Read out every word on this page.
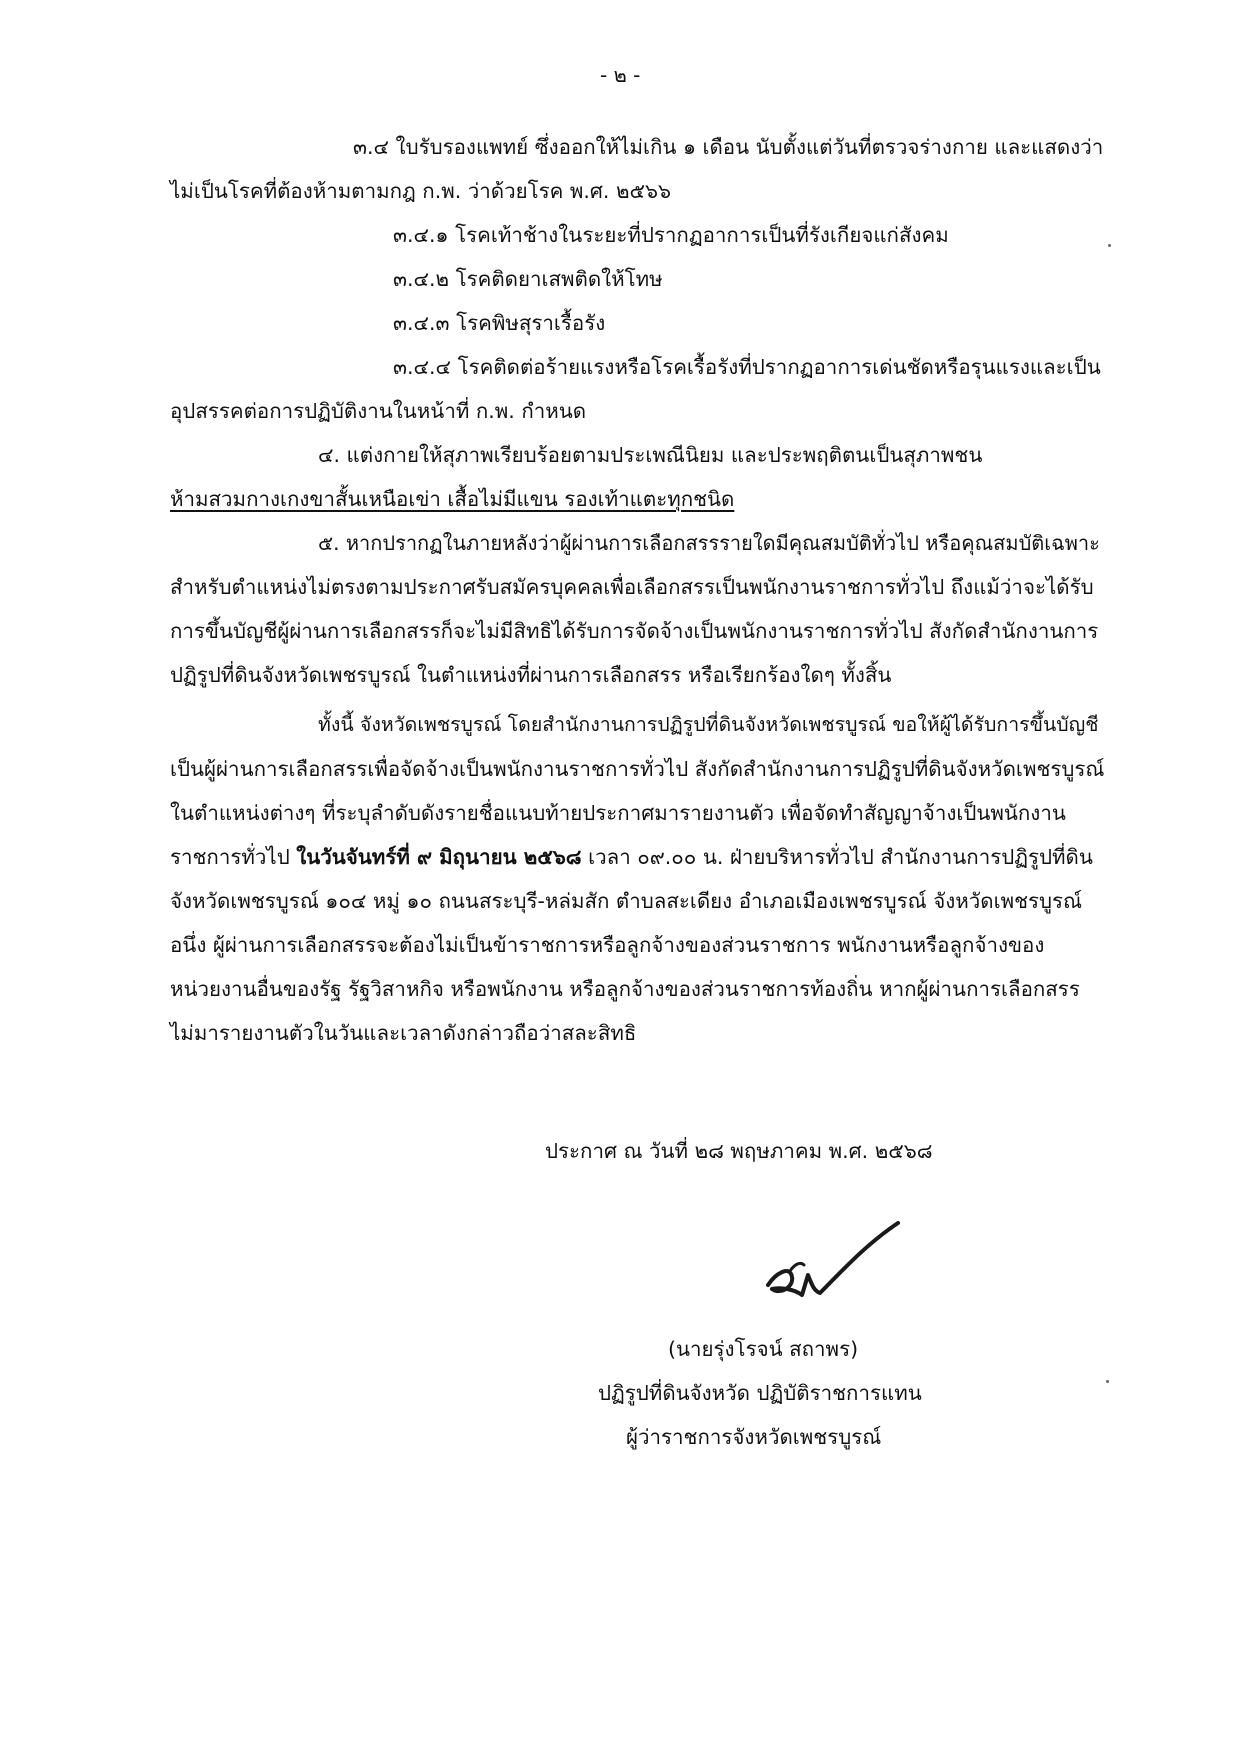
- ๒ -
๓.๔ ใบรับรองแพทย์ ซึ่งออกให้ไม่เกิน ๑ เดือน นับตั้งแต่วันที่ตรวจร่างกาย และแสดงว่า
ไม่เป็นโรคที่ต้องห้ามตามกฎ ก.พ. ว่าด้วยโรค พ.ศ. ๒๕๖๖
๓.๔.๑ โรคเท้าช้างในระยะที่ปรากฏอาการเป็นที่รังเกียจแก่สังคม
๓.๔.๒ โรคติดยาเสพติดให้โทษ
๓.๔.๓ โรคพิษสุราเรื้อรัง
๓.๔.๔ โรคติดต่อร้ายแรงหรือโรคเรื้อรังที่ปรากฏอาการเด่นชัดหรือรุนแรงและเป็น
อุปสรรคต่อการปฏิบัติงานในหน้าที่ ก.พ. กำหนด
๔. แต่งกายให้สุภาพเรียบร้อยตามประเพณีนิยม และประพฤติตนเป็นสุภาพชน
ห้ามสวมกางเกงขาสั้นเหนือเข่า เสื้อไม่มีแขน รองเท้าแตะทุกชนิด
๕. หากปรากฏในภายหลังว่าผู้ผ่านการเลือกสรรรายใดมีคุณสมบัติทั่วไป หรือคุณสมบัติเฉพาะ
สำหรับตำแหน่งไม่ตรงตามประกาศรับสมัครบุคคลเพื่อเลือกสรรเป็นพนักงานราชการทั่วไป ถึงแม้ว่าจะได้รับ
การขึ้นบัญชีผู้ผ่านการเลือกสรรก็จะไม่มีสิทธิได้รับการจัดจ้างเป็นพนักงานราชการทั่วไป สังกัดสำนักงานการ
ปฏิรูปที่ดินจังหวัดเพชรบูรณ์ ในตำแหน่งที่ผ่านการเลือกสรร หรือเรียกร้องใดๆ ทั้งสิ้น
ทั้งนี้ จังหวัดเพชรบูรณ์ โดยสำนักงานการปฏิรูปที่ดินจังหวัดเพชรบูรณ์ ขอให้ผู้ได้รับการขึ้นบัญชี
เป็นผู้ผ่านการเลือกสรรเพื่อจัดจ้างเป็นพนักงานราชการทั่วไป สังกัดสำนักงานการปฏิรูปที่ดินจังหวัดเพชรบูรณ์
ในตำแหน่งต่างๆ ที่ระบุลำดับดังรายชื่อแนบท้ายประกาศมารายงานตัว เพื่อจัดทำสัญญาจ้างเป็นพนักงาน
ราชการทั่วไป ในวันจันทร์ที่ ๙ มิถุนายน ๒๕๖๘ เวลา ๐๙.๐๐ น. ฝ่ายบริหารทั่วไป สำนักงานการปฏิรูปที่ดิน
จังหวัดเพชรบูรณ์ ๑๐๔ หมู่ ๑๐ ถนนสระบุรี-หล่มสัก ตำบลสะเดียง อำเภอเมืองเพชรบูรณ์ จังหวัดเพชรบูรณ์
อนึ่ง ผู้ผ่านการเลือกสรรจะต้องไม่เป็นข้าราชการหรือลูกจ้างของส่วนราชการ พนักงานหรือลูกจ้างของ
หน่วยงานอื่นของรัฐ รัฐวิสาหกิจ หรือพนักงาน หรือลูกจ้างของส่วนราชการท้องถิ่น หากผู้ผ่านการเลือกสรร
ไม่มารายงานตัวในวันและเวลาดังกล่าวถือว่าสละสิทธิ
ประกาศ ณ วันที่ ๒๘ พฤษภาคม พ.ศ. ๒๕๖๘
(นายรุ่งโรจน์ สถาพร)
ปฏิรูปที่ดินจังหวัด ปฏิบัติราชการแทน
ผู้ว่าราชการจังหวัดเพชรบูรณ์
